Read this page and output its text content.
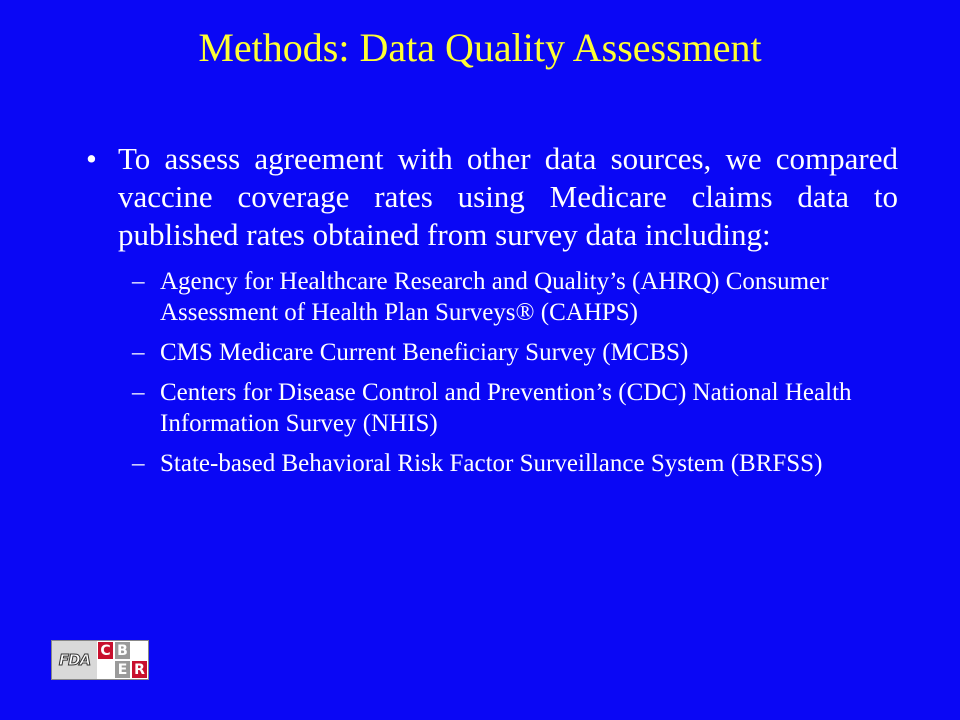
Methods: Data Quality Assessment
• To assess agreement with other data sources, we compared vaccine coverage rates using Medicare claims data to published rates obtained from survey data including:
– Agency for Healthcare Research and Quality’s (AHRQ) Consumer Assessment of Health Plan Surveys® (CAHPS)
– CMS Medicare Current Beneficiary Survey (MCBS)
– Centers for Disease Control and Prevention’s (CDC) National Health Information Survey (NHIS)
– State-based Behavioral Risk Factor Surveillance System (BRFSS)
FDA
C B
E R
